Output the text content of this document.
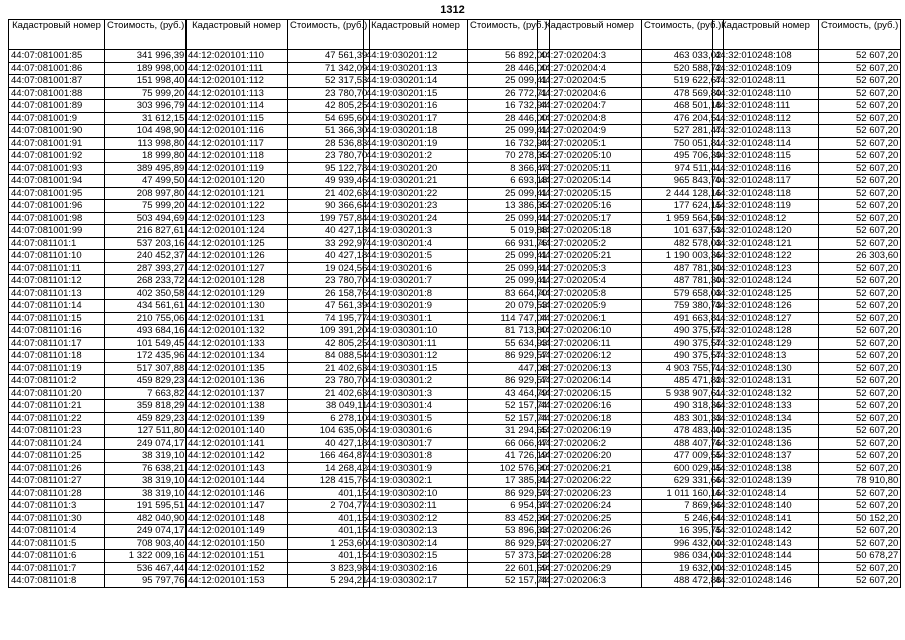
1312
Кадастровый номер	Стоимость, (руб.)
44:07:081001:85	341 996,39
44:07:081001:86	189 998,00
44:07:081001:87	151 998,40
44:07:081001:88	75 999,20
44:07:081001:89	303 996,79
44:07:081001:9	31 612,15
44:07:081001:90	104 498,90
44:07:081001:91	113 998,80
44:07:081001:92	18 999,80
44:07:081001:93	389 495,89
44:07:081001:94	47 499,50
44:07:081001:95	208 997,80
44:07:081001:96	75 999,20
44:07:081001:98	503 494,69
44:07:081001:99	216 827,61
44:07:081101:1	537 203,16
44:07:081101:10	240 452,37
44:07:081101:11	287 393,27
44:07:081101:12	268 233,72
44:07:081101:13	402 350,58
44:07:081101:14	434 561,61
44:07:081101:15	210 755,06
44:07:081101:16	493 684,16
44:07:081101:17	101 549,45
44:07:081101:18	172 435,96
44:07:081101:19	517 307,88
44:07:081101:2	459 829,23
44:07:081101:20	7 663,82
44:07:081101:21	359 818,29
44:07:081101:22	459 829,23
44:07:081101:23	127 511,80
44:07:081101:24	249 074,17
44:07:081101:25	38 319,10
44:07:081101:26	76 638,21
44:07:081101:27	38 319,10
44:07:081101:28	38 319,10
44:07:081101:3	191 595,51
44:07:081101:30	482 040,90
44:07:081101:4	249 074,17
44:07:081101:5	708 903,40
44:07:081101:6	1 322 009,16
44:07:081101:7	536 467,44
44:07:081101:8	95 797,76
Кадастровый номер	Стоимость, (руб.)
44:12:020101:110	47 561,39
44:12:020101:111	71 342,09
44:12:020101:112	52 317,53
44:12:020101:113	23 780,70
44:12:020101:114	42 805,25
44:12:020101:115	54 695,60
44:12:020101:116	51 366,30
44:12:020101:117	28 536,83
44:12:020101:118	23 780,70
44:12:020101:119	95 122,78
44:12:020101:120	49 939,46
44:12:020101:121	21 402,63
44:12:020101:122	90 366,64
44:12:020101:123	199 757,84
44:12:020101:124	40 427,18
44:12:020101:125	33 292,97
44:12:020101:126	40 427,18
44:12:020101:127	19 024,56
44:12:020101:128	23 780,70
44:12:020101:129	26 158,76
44:12:020101:130	47 561,39
44:12:020101:131	74 195,77
44:12:020101:132	109 391,20
44:12:020101:133	42 805,25
44:12:020101:134	84 088,54
44:12:020101:135	21 402,63
44:12:020101:136	23 780,70
44:12:020101:137	21 402,63
44:12:020101:138	38 049,11
44:12:020101:139	6 278,10
44:12:020101:140	104 635,06
44:12:020101:141	40 427,18
44:12:020101:142	166 464,87
44:12:020101:143	14 268,42
44:12:020101:144	128 415,76
44:12:020101:146	401,15
44:12:020101:147	2 704,77
44:12:020101:148	401,15
44:12:020101:149	401,15
44:12:020101:150	1 253,60
44:12:020101:151	401,15
44:12:020101:152	3 823,98
44:12:020101:153	5 294,21
Кадастровый номер	Стоимость, (руб.)
44:19:030201:12	56 892,00
44:19:030201:13	28 446,00
44:19:030201:14	25 099,41
44:19:030201:15	26 772,71
44:19:030201:16	16 732,94
44:19:030201:17	28 446,00
44:19:030201:18	25 099,41
44:19:030201:19	16 732,94
44:19:030201:2	70 278,35
44:19:030201:20	8 366,47
44:19:030201:21	6 693,18
44:19:030201:22	25 099,41
44:19:030201:23	13 386,35
44:19:030201:24	25 099,41
44:19:030201:3	5 019,88
44:19:030201:4	66 931,76
44:19:030201:5	25 099,41
44:19:030201:6	25 099,41
44:19:030201:7	25 099,41
44:19:030201:8	83 664,70
44:19:030201:9	20 079,53
44:19:030301:1	114 747,04
44:19:030301:10	81 713,80
44:19:030301:11	55 634,93
44:19:030301:12	86 929,57
44:19:030301:15	447,08
44:19:030301:2	86 929,57
44:19:030301:3	43 464,79
44:19:030301:4	52 157,74
44:19:030301:5	52 157,74
44:19:030301:6	31 294,65
44:19:030301:7	66 066,47
44:19:030301:8	41 726,19
44:19:030301:9	102 576,90
44:19:030302:1	17 385,91
44:19:030302:10	86 929,57
44:19:030302:11	6 954,37
44:19:030302:12	83 452,39
44:19:030302:13	53 896,33
44:19:030302:14	86 929,57
44:19:030302:15	57 373,52
44:19:030302:16	22 601,69
44:19:030302:17	52 157,74
Кадастровый номер	Стоимость, (руб.)
44:27:020204:3	463 033,02
44:27:020204:4	520 588,72
44:27:020204:5	519 622,67
44:27:020204:6	478 569,80
44:27:020204:7	468 501,18
44:27:020204:8	476 204,51
44:27:020204:9	527 281,47
44:27:020205:1	750 051,81
44:27:020205:10	495 706,39
44:27:020205:11	974 511,41
44:27:020205:14	965 843,70
44:27:020205:15	2 444 128,16
44:27:020205:16	177 624,15
44:27:020205:17	1 959 564,59
44:27:020205:18	101 637,53
44:27:020205:2	482 578,03
44:27:020205:21	1 190 003,36
44:27:020205:3	487 781,30
44:27:020205:4	487 781,30
44:27:020205:8	579 658,03
44:27:020205:9	759 380,73
44:27:020206:1	491 663,81
44:27:020206:10	490 375,57
44:27:020206:11	490 375,57
44:27:020206:12	490 375,57
44:27:020206:13	4 903 755,71
44:27:020206:14	485 471,82
44:27:020206:15	5 938 907,61
44:27:020206:16	490 318,36
44:27:020206:18	483 301,33
44:27:020206:19	478 483,40
44:27:020206:2	488 407,76
44:27:020206:20	477 009,55
44:27:020206:21	600 029,45
44:27:020206:22	629 331,66
44:27:020206:23	1 011 160,16
44:27:020206:24	7 869,96
44:27:020206:25	5 246,64
44:27:020206:26	16 395,75
44:27:020206:27	996 432,00
44:27:020206:28	986 034,00
44:27:020206:29	19 632,00
44:27:020206:3	488 472,88
Кадастровый номер	Стоимость, (руб.)
44:32:010248:108	52 607,20
44:32:010248:109	52 607,20
44:32:010248:11	52 607,20
44:32:010248:110	52 607,20
44:32:010248:111	52 607,20
44:32:010248:112	52 607,20
44:32:010248:113	52 607,20
44:32:010248:114	52 607,20
44:32:010248:115	52 607,20
44:32:010248:116	52 607,20
44:32:010248:117	52 607,20
44:32:010248:118	52 607,20
44:32:010248:119	52 607,20
44:32:010248:12	52 607,20
44:32:010248:120	52 607,20
44:32:010248:121	52 607,20
44:32:010248:122	26 303,60
44:32:010248:123	52 607,20
44:32:010248:124	52 607,20
44:32:010248:125	52 607,20
44:32:010248:126	52 607,20
44:32:010248:127	52 607,20
44:32:010248:128	52 607,20
44:32:010248:129	52 607,20
44:32:010248:13	52 607,20
44:32:010248:130	52 607,20
44:32:010248:131	52 607,20
44:32:010248:132	52 607,20
44:32:010248:133	52 607,20
44:32:010248:134	52 607,20
44:32:010248:135	52 607,20
44:32:010248:136	52 607,20
44:32:010248:137	52 607,20
44:32:010248:138	52 607,20
44:32:010248:139	78 910,80
44:32:010248:14	52 607,20
44:32:010248:140	52 607,20
44:32:010248:141	50 152,20
44:32:010248:142	52 607,20
44:32:010248:143	52 607,20
44:32:010248:144	50 678,27
44:32:010248:145	52 607,20
44:32:010248:146	52 607,20
